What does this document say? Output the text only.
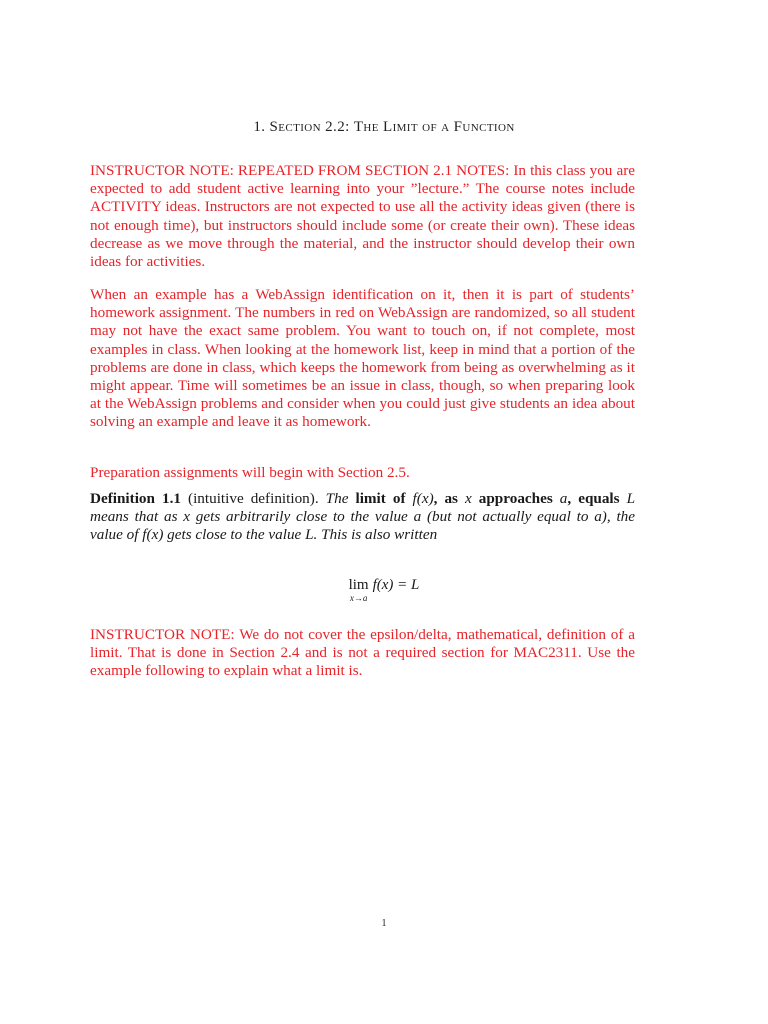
1. Section 2.2: The Limit of a Function

INSTRUCTOR NOTE: REPEATED FROM SECTION 2.1 NOTES: In this class you are expected to add student active learning into your ”lecture.” The course notes include ACTIVITY ideas. Instructors are not expected to use all the activity ideas given (there is not enough time), but instructors should include some (or create their own). These ideas decrease as we move through the material, and the instructor should develop their own ideas for activities.

When an example has a WebAssign identification on it, then it is part of students’ homework assignment. The numbers in red on WebAssign are randomized, so all student may not have the exact same problem. You want to touch on, if not complete, most examples in class. When looking at the homework list, keep in mind that a portion of the problems are done in class, which keeps the homework from being as overwhelming as it might appear. Time will sometimes be an issue in class, though, so when preparing look at the WebAssign problems and consider when you could just give students an idea about solving an example and leave it as homework.

Preparation assignments will begin with Section 2.5.

Definition 1.1 (intuitive definition). The limit of f(x), as x approaches a, equals L means that as x gets arbitrarily close to the value a (but not actually equal to a), the value of f(x) gets close to the value L. This is also written

lim
x→a
f(x) = L

INSTRUCTOR NOTE: We do not cover the epsilon/delta, mathematical, definition of a limit. That is done in Section 2.4 and is not a required section for MAC2311. Use the example following to explain what a limit is.

1
